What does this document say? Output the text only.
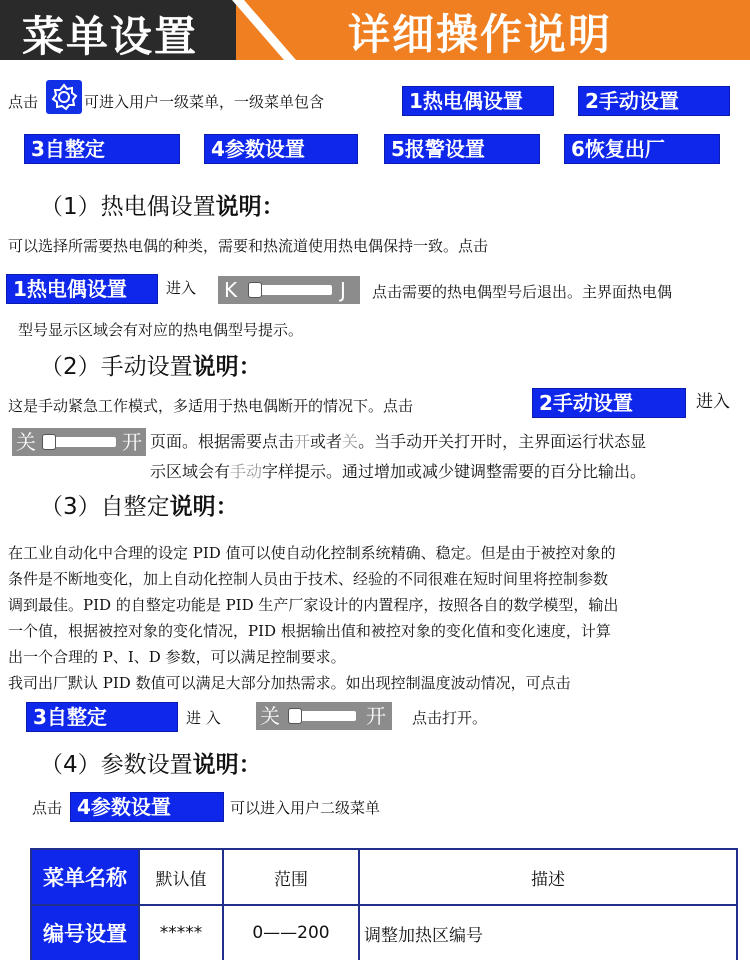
菜单设置	详细操作说明
点击	可进入用户一级菜单，一级菜单包含	1热电偶设置	2手动设置
3自整定	4参数设置	5报警设置	6恢复出厂
（1）热电偶设置说明：
可以选择所需要热电偶的种类，需要和热流道使用热电偶保持一致。点击
1热电偶设置	进入 K	J 点击需要的热电偶型号后退出。主界面热电偶
型号显示区域会有对应的热电偶型号提示。
（2）手动设置说明：
这是手动紧急工作模式，多适用于热电偶断开的情况下。点击	2手动设置	进入
关	开 页面。根据需要点击开或者关。当手动开关打开时，主界面运行状态显
示区域会有手动字样提示。通过增加或减少键调整需要的百分比输出。
（3）自整定说明：
在工业自动化中合理的设定 PID 值可以使自动化控制系统精确、稳定。但是由于被控对象的
条件是不断地变化，加上自动化控制人员由于技术、经验的不同很难在短时间里将控制参数
调到最佳。PID 的自整定功能是 PID 生产厂家设计的内置程序，按照各自的数学模型，输出
一个值，根据被控对象的变化情况，PID 根据输出值和被控对象的变化值和变化速度，计算
出一个合理的 P、I、D 参数，可以满足控制要求。
我司出厂默认 PID 数值可以满足大部分加热需求。如出现控制温度波动情况，可点击
3自整定	进 入 关	开 点击打开。
（4）参数设置说明：
点击 4参数设置	可以进入用户二级菜单
菜单名称	默认值	范围	描述
编号设置	*****	0——200	调整加热区编号
